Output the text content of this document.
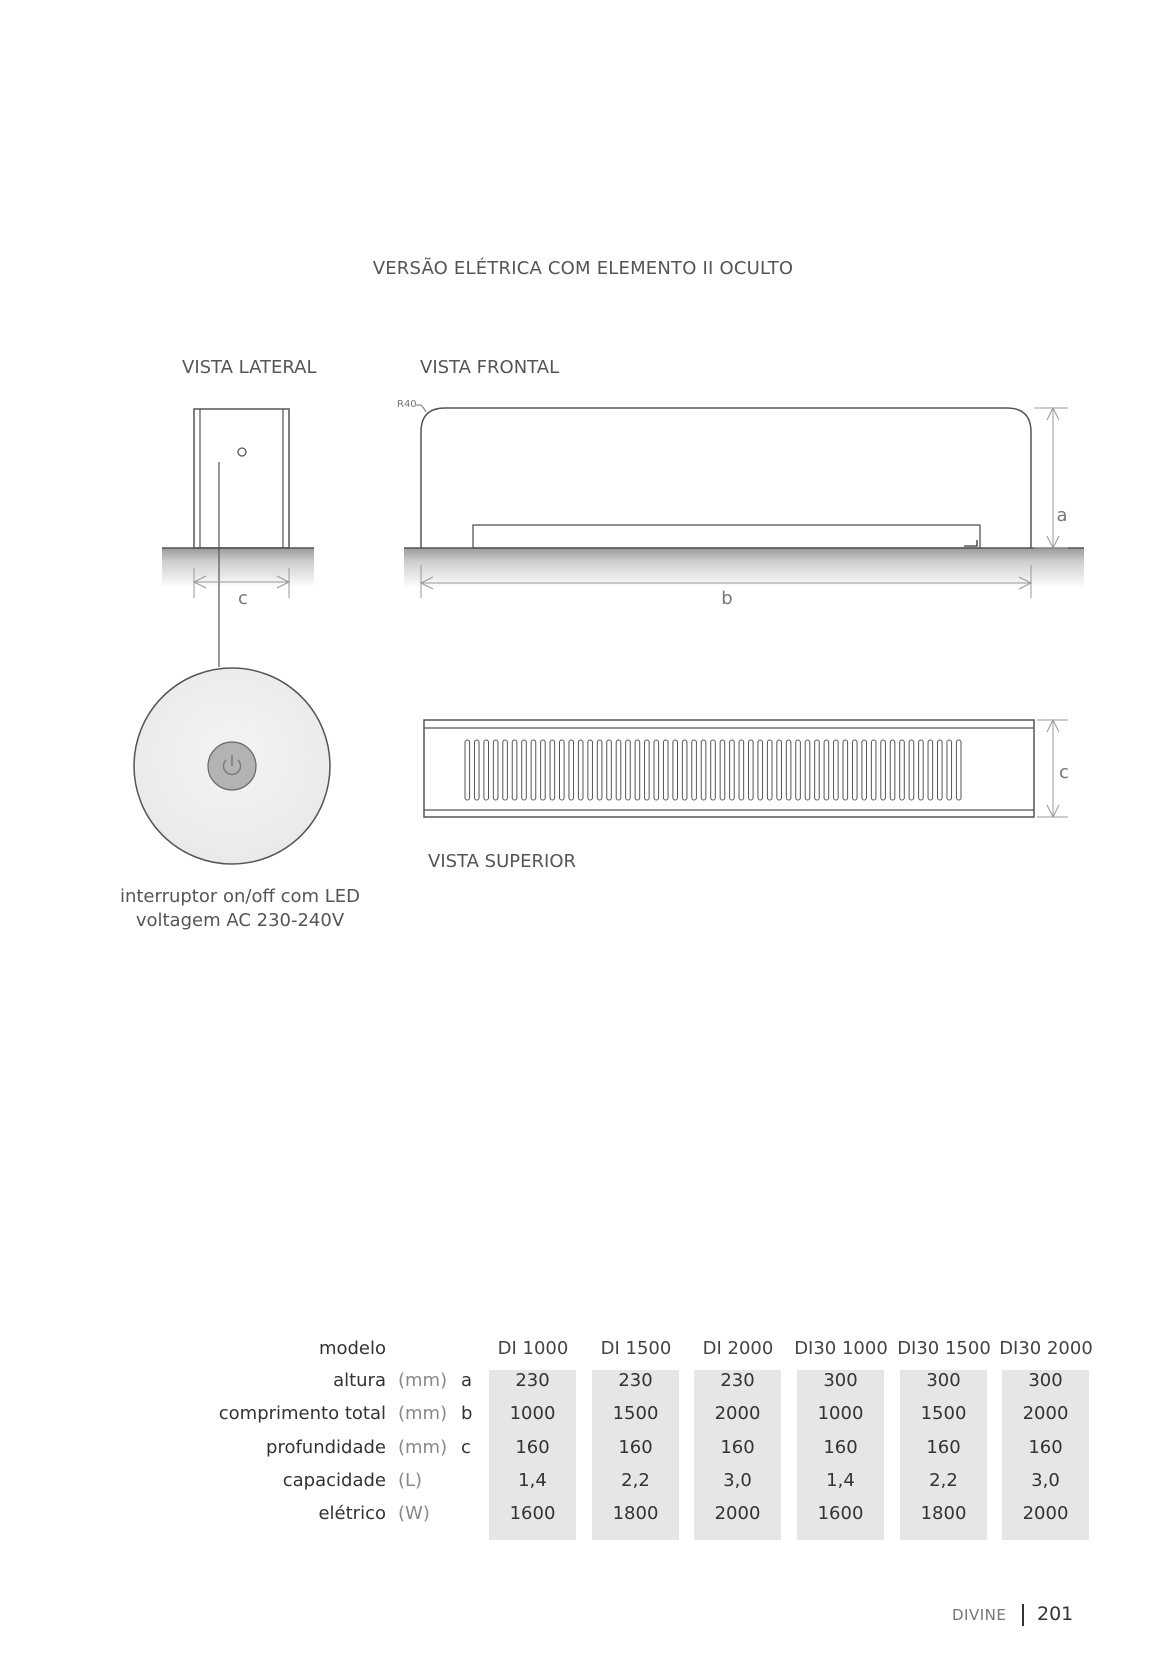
VERSÃO ELÉTRICA COM ELEMENTO II OCULTO
VISTA LATERAL	VISTA FRONTAL
VISTA SUPERIOR
c
R40
a
b
c
interruptor on/off com LED
voltagem AC 230-240V
modelo
altura (mm) a
comprimento total (mm) b
profundidade (mm) c
capacidade (L)
elétrico (W)
DI 1000
230
1000
160
1,4
1600
DI 1500
230
1500
160
2,2
1800
DI 2000
230
2000
160
3,0
2000
DI30 1000
300
1000
160
1,4
1600
DI30 1500
300
1500
160
2,2
1800
DI30 2000
300
2000
160
3,0
2000
DIVINE 201
